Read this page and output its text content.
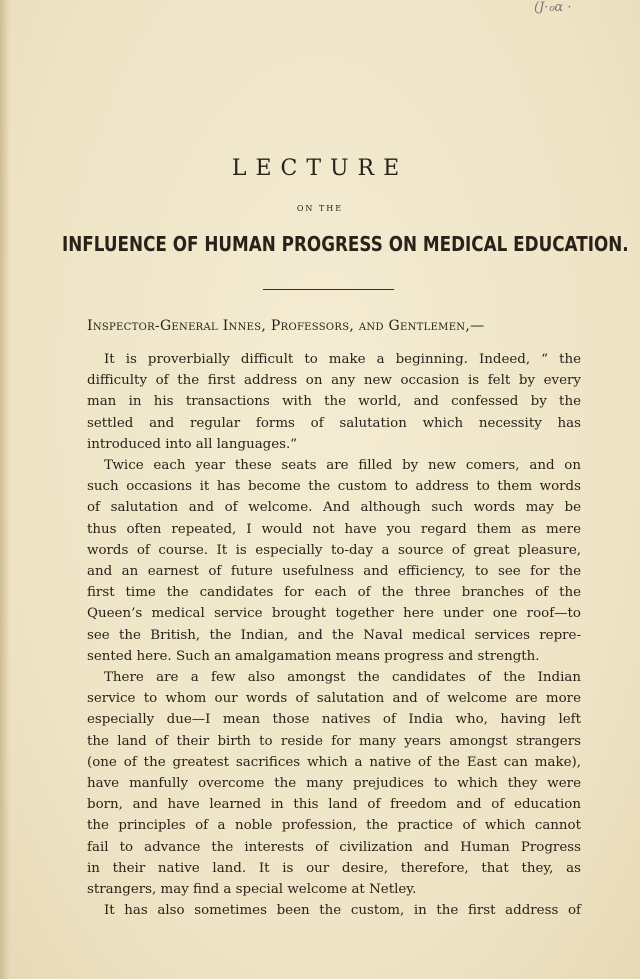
(J·ℴα ·
LECTURE
ON THE
INFLUENCE OF HUMAN PROGRESS ON MEDICAL EDUCATION.
Inspector-General Innes, Professors, and Gentlemen,—
It is proverbially difficult to make a beginning. Indeed, “ the
difficulty of the first address on any new occasion is felt by every
man in his transactions with the world, and confessed by the
settled and regular forms of salutation which necessity has
introduced into all languages.”
Twice each year these seats are filled by new comers, and on
such occasions it has become the custom to address to them words
of salutation and of welcome. And although such words may be
thus often repeated, I would not have you regard them as mere
words of course. It is especially to-day a source of great pleasure,
and an earnest of future usefulness and efficiency, to see for the
first time the candidates for each of the three branches of the
Queen’s medical service brought together here under one roof—to
see the British, the Indian, and the Naval medical services repre-
sented here. Such an amalgamation means progress and strength.
There are a few also amongst the candidates of the Indian
service to whom our words of salutation and of welcome are more
especially due—I mean those natives of India who, having left
the land of their birth to reside for many years amongst strangers
(one of the greatest sacrifices which a native of the East can make),
have manfully overcome the many prejudices to which they were
born, and have learned in this land of freedom and of education
the principles of a noble profession, the practice of which cannot
fail to advance the interests of civilization and Human Progress
in their native land. It is our desire, therefore, that they, as
strangers, may find a special welcome at Netley.
It has also sometimes been the custom, in the first address of
